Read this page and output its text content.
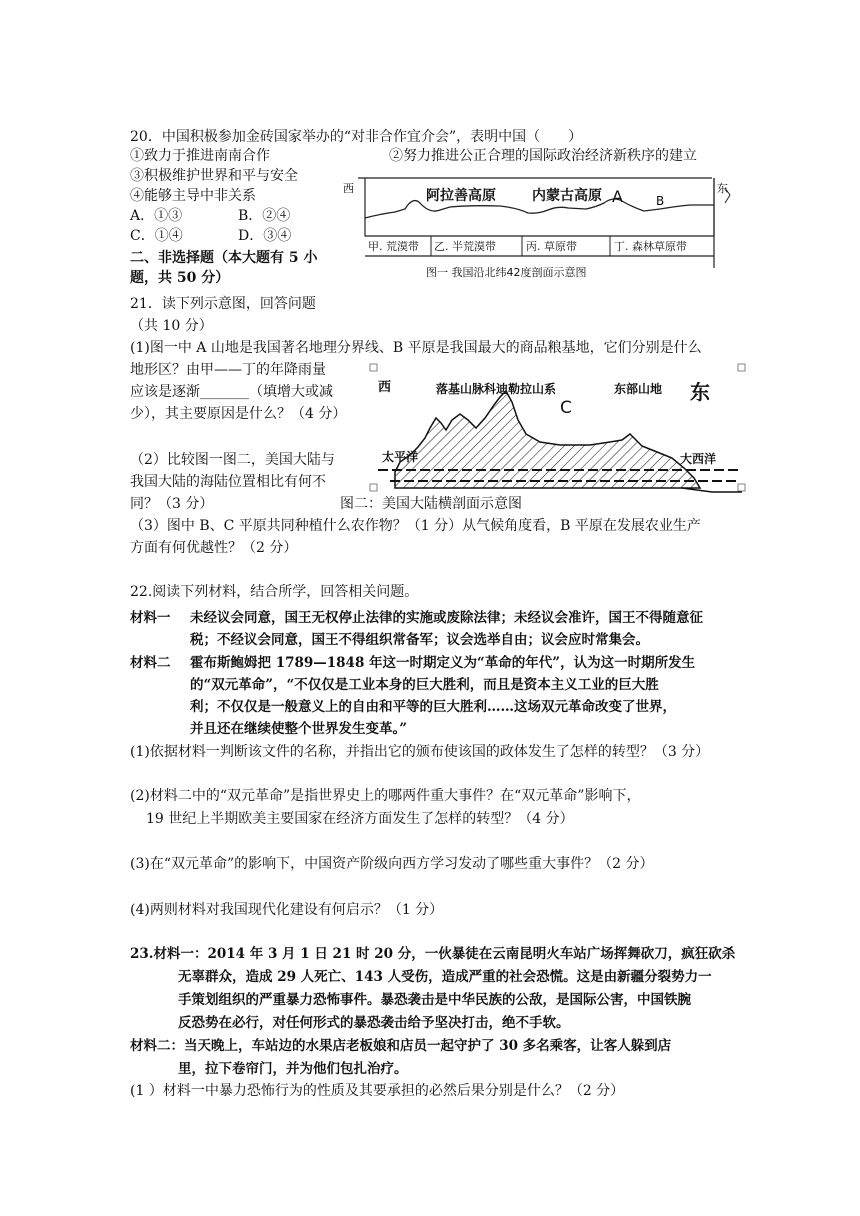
20．中国积极参加金砖国家举办的“对非合作宜介会”，表明中国（　　）
①致力于推进南南合作	②努力推进公正合理的国际政治经济新秩序的建立
③积极维护世界和平与安全
④能够主导中非关系
A．①③	B．②④
C．①④	D．③④
二、非选择题（本大题有 5 小
题，共 50 分）
西	东
阿拉善高原	内蒙古高原 A	B
甲. 荒漠带 乙. 半荒漠带	丙. 草原带	丁. 森林草原带
图一 我国沿北纬42度剖面示意图
21．读下列示意图，回答问题
（共 10 分）
(1)图一中 A 山地是我国著名地理分界线、B 平原是我国最大的商品粮基地，它们分别是什么
地形区？由甲——丁的年降雨量
应该是逐渐_______（填增大或减
少），其主要原因是什么？（4 分）
（2）比较图一图二，美国大陆与
我国大陆的海陆位置相比有何不
同？（3 分）
（3）图中 B、C 平原共同种植什么农作物？（1 分）从气候角度看，B 平原在发展农业生产
方面有何优越性？（2 分）
西	落基山脉科迪勒拉山系
C
东部山地 东
太平洋	大西洋
图二：美国大陆横剖面示意图
22.阅读下列材料，结合所学，回答相关问题。
材料一 未经议会同意，国王无权停止法律的实施或废除法律；未经议会准许，国王不得随意征
税；不经议会同意，国王不得组织常备军；议会选举自由；议会应时常集会。
材料二 霍布斯鲍姆把 1789—1848 年这一时期定义为“革命的年代”，认为这一时期所发生
的“双元革命”，“不仅仅是工业本身的巨大胜利，而且是资本主义工业的巨大胜
利；不仅仅是一般意义上的自由和平等的巨大胜利……这场双元革命改变了世界，
并且还在继续使整个世界发生变革。”
(1)依据材料一判断该文件的名称，并指出它的颁布使该国的政体发生了怎样的转型？（3 分）
(2)材料二中的“双元革命”是指世界史上的哪两件重大事件？在“双元革命”影响下，
19 世纪上半期欧美主要国家在经济方面发生了怎样的转型？（4 分）
(3)在“双元革命”的影响下，中国资产阶级向西方学习发动了哪些重大事件？（2 分）
(4)两则材料对我国现代化建设有何启示？（1 分）
23.材料一：2014 年 3 月 1 日 21 时 20 分，一伙暴徒在云南昆明火车站广场挥舞砍刀，疯狂砍杀
无辜群众，造成 29 人死亡、143 人受伤，造成严重的社会恐慌。这是由新疆分裂势力一
手策划组织的严重暴力恐怖事件。暴恐袭击是中华民族的公敌，是国际公害，中国铁腕
反恐势在必行，对任何形式的暴恐袭击给予坚决打击，绝不手软。
材料二：当天晚上，车站边的水果店老板娘和店员一起守护了 30 多名乘客，让客人躲到店
里，拉下卷帘门，并为他们包扎治疗。
(1 ）材料一中暴力恐怖行为的性质及其要承担的必然后果分别是什么？（2 分）
